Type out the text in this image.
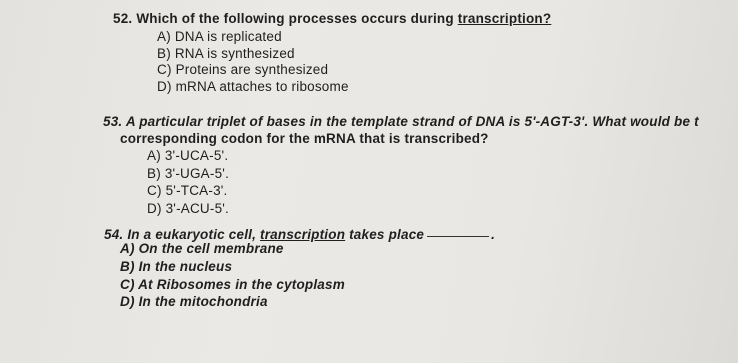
52. Which of the following processes occurs during transcription?
A) DNA is replicated
B) RNA is synthesized
C) Proteins are synthesized
D) mRNA attaches to ribosome
53. A particular triplet of bases in the template strand of DNA is 5'-AGT-3'. What would be t
corresponding codon for the mRNA that is transcribed?
A) 3'-UCA-5'.
B) 3'-UGA-5'.
C) 5'-TCA-3'.
D) 3'-ACU-5'.
54. In a eukaryotic cell, transcription takes place	.
A) On the cell membrane
B) In the nucleus
C) At Ribosomes in the cytoplasm
D) In the mitochondria
